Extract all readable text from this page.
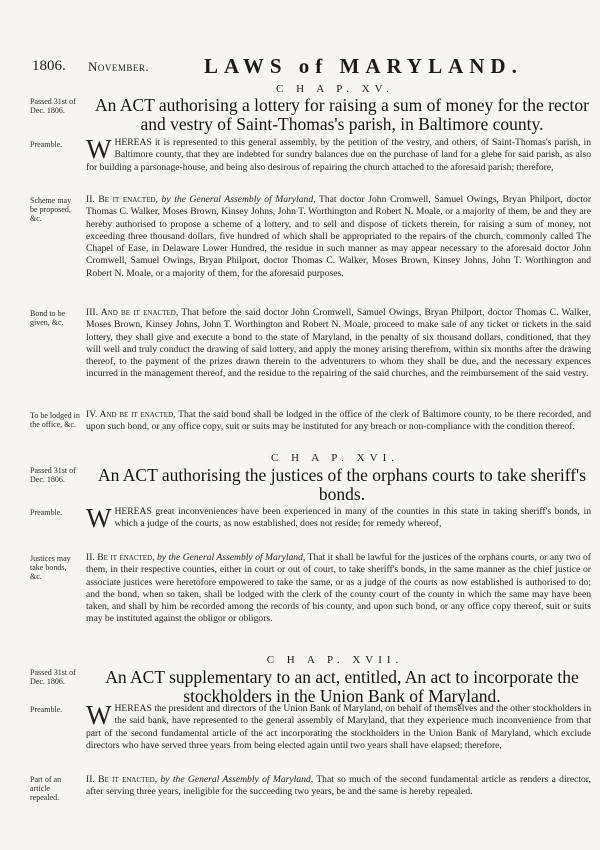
1806. November.	LAWS of MARYLAND.
C H A P. XV.
Passed 31st of Dec. 1806.	An ACT authorising a lottery for raising a sum of money for the rector and vestry of Saint-Thomas's parish, in Baltimore county.
Preamble. WHEREAS it is represented to this general assembly, by the petition of the vestry, and others, of Saint-Thomas's parish, in Baltimore county, that they are indebted for sundry balances due on the purchase of land for a glebe for said parish, as also for building a parsonage-house, and being also desirous of repairing the church attached to the aforesaid parish; therefore,
Scheme may be proposed, &c.
II. Be it enacted, by the General Assembly of Maryland, That doctor John Cromwell, Samuel Owings, Bryan Philport, doctor Thomas C. Walker, Moses Brown, Kinsey Johns, John T. Worthington and Robert N. Moale, or a majority of them, be and they are hereby authorised to propose a scheme of a lottery, and to sell and dispose of tickets therein, for raising a sum of money, not exceeding three thousand dollars, five hundred of which shall be appropriated to the repairs of the church, commonly called The Chapel of Ease, in Delaware Lower Hundred, the residue in such manner as may appear necessary to the aforesaid doctor John Cromwell, Samuel Owings, Bryan Philport, doctor Thomas C. Walker, Moses Brown, Kinsey Johns, John T. Worthington and Robert N. Moale, or a majority of them, for the aforesaid purposes.
Bond to be given, &c.
III. And be it enacted, That before the said doctor John Cromwell, Samuel Owings, Bryan Philport, doctor Thomas C. Walker, Moses Brown, Kinsey Johns, John T. Worthington and Robert N. Moale, proceed to make sale of any ticket or tickets in the said lottery, they shall give and execute a bond to the state of Maryland, in the penalty of six thousand dollars, conditioned, that they will well and truly conduct the drawing of said lottery, and apply the money arising therefrom, within six months after the drawing thereof, to the payment of the prizes drawn therein to the adventurers to whom they shall be due, and the necessary expences incurred in the management thereof, and the residue to the repairing of the said churches, and the reimbursement of the said vestry.
To be lodged in the office, &c.
IV. And be it enacted, That the said bond shall be lodged in the office of the clerk of Baltimore county, to be there recorded, and upon such bond, or any office copy, suit or suits may be instituted for any breach or non-compliance with the condition thereof.
C H A P. XVI.
Passed 31st of Dec. 1806.	An ACT authorising the justices of the orphans courts to take sheriff's bonds.
Preamble. WHEREAS great inconveniences have been experienced in many of the counties in this state in taking sheriff's bonds, in which a judge of the courts, as now established, does not reside; for remedy whereof,
Justices may take bonds, &c.
II. Be it enacted, by the General Assembly of Maryland, That it shall be lawful for the justices of the orphans courts, or any two of them, in their respective counties, either in court or out of court, to take sheriff's bonds, in the same manner as the chief justice or associate justices were heretofore empowered to take the same, or as a judge of the courts as now established is authorised to do; and the bond, when so taken, shall be lodged with the clerk of the county court of the county in which the same may have been taken, and shall by him be recorded among the records of his county, and upon such bond, or any office copy thereof, suit or suits may be instituted against the obligor or obligors.
C H A P. XVII.
Passed 31st of Dec. 1806.	An ACT supplementary to an act, entitled, An act to incorporate the stockholders in the Union Bank of Maryland.
Preamble. WHEREAS the president and directors of the Union Bank of Maryland, on behalf of themselves and the other stockholders in the said bank, have represented to the general assembly of Maryland, that they experience much inconvenience from that part of the second fundamental article of the act incorporating the stockholders in the Union Bank of Maryland, which exclude directors who have served three years from being elected again until two years shall have elapsed; therefore,
Part of an article repealed.
II. Be it enacted, by the General Assembly of Maryland, That so much of the second fundamental article as renders a director, after serving three years, ineligible for the succeeding two years, be and the same is hereby repealed.
